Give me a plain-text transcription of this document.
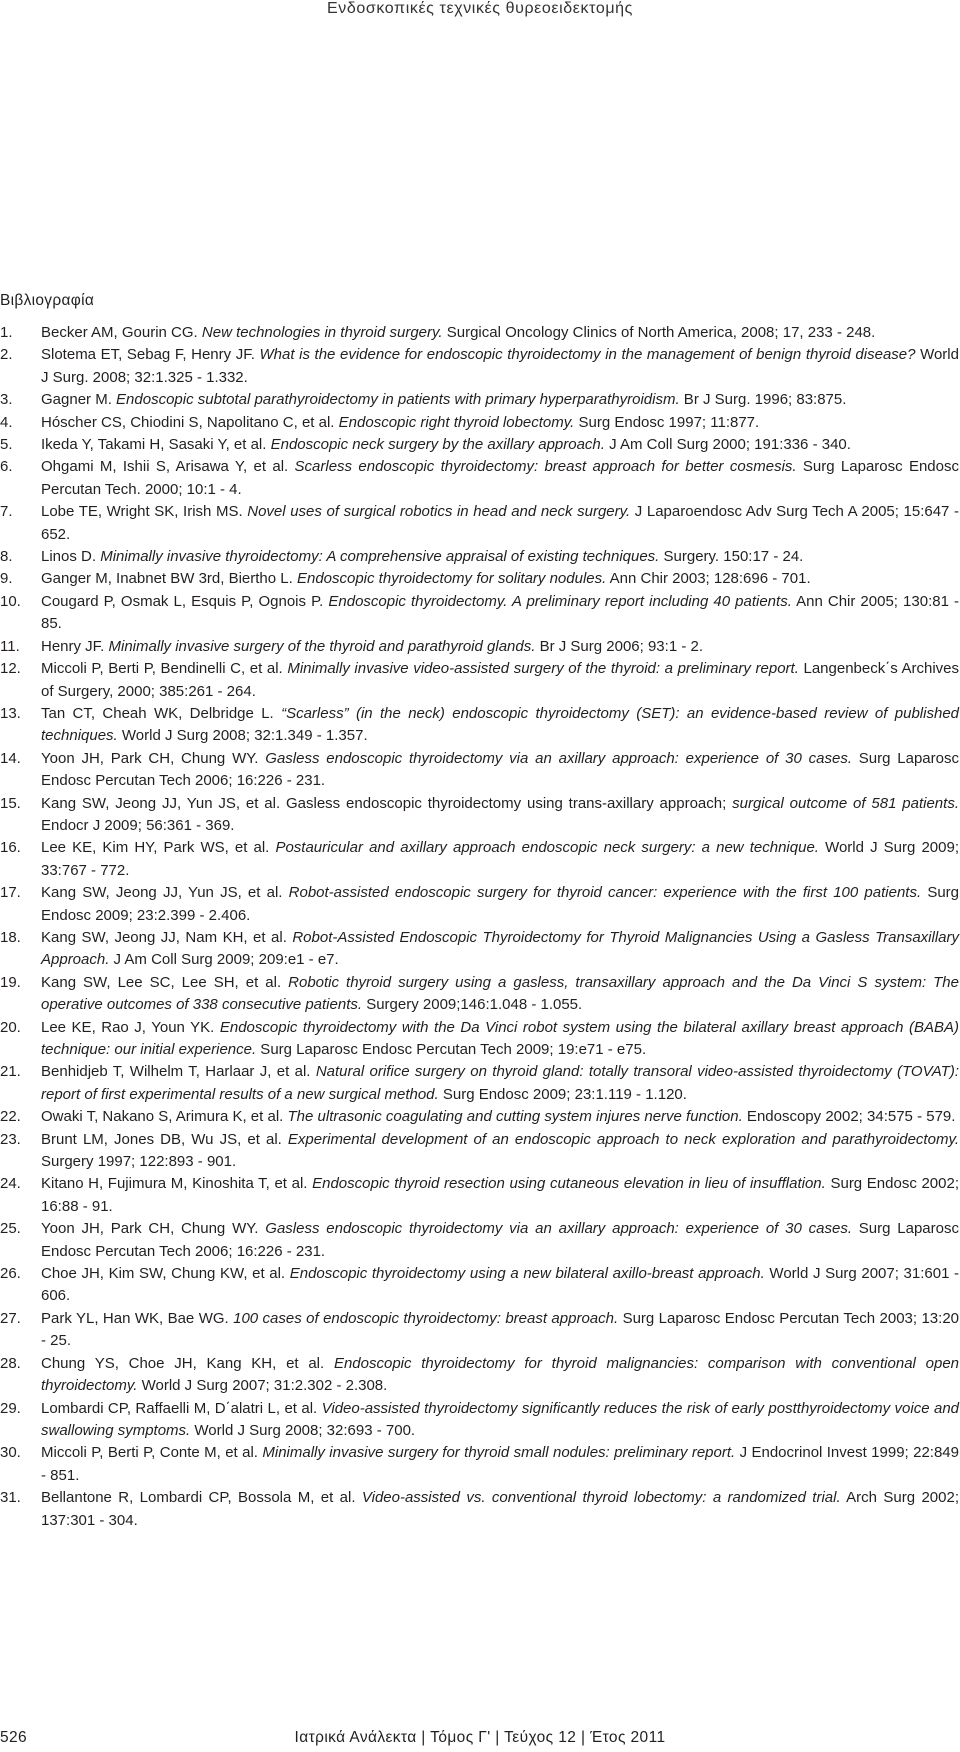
Ενδοσκοπικές τεχνικές θυρεοειδεκτομής
Βιβλιογραφία
1. Becker AM, Gourin CG. New technologies in thyroid surgery. Surgical Oncology Clinics of North America, 2008; 17, 233 - 248.
2. Slotema ET, Sebag F, Henry JF. What is the evidence for endoscopic thyroidectomy in the management of benign thyroid disease? World J Surg. 2008; 32:1.325 - 1.332.
3. Gagner M. Endoscopic subtotal parathyroidectomy in patients with primary hyperparathyroidism. Br J Surg. 1996; 83:875.
4. Hóscher CS, Chiodini S, Napolitano C, et al. Endoscopic right thyroid lobectomy. Surg Endosc 1997; 11:877.
5. Ikeda Y, Takami H, Sasaki Y, et al. Endoscopic neck surgery by the axillary approach. J Am Coll Surg 2000; 191:336 - 340.
6. Ohgami M, Ishii S, Arisawa Y, et al. Scarless endoscopic thyroidectomy: breast approach for better cosmesis. Surg Laparosc Endosc Percutan Tech. 2000; 10:1 - 4.
7. Lobe TE, Wright SK, Irish MS. Novel uses of surgical robotics in head and neck surgery. J Laparoendosc Adv Surg Tech A 2005; 15:647 - 652.
8. Linos D. Minimally invasive thyroidectomy: A comprehensive appraisal of existing techniques. Surgery. 150:17 - 24.
9. Ganger M, Inabnet BW 3rd, Biertho L. Endoscopic thyroidectomy for solitary nodules. Ann Chir 2003; 128:696 - 701.
10. Cougard P, Osmak L, Esquis P, Ognois P. Endoscopic thyroidectomy. A preliminary report including 40 patients. Ann Chir 2005; 130:81 - 85.
11. Henry JF. Minimally invasive surgery of the thyroid and parathyroid glands. Br J Surg 2006; 93:1 - 2.
12. Miccoli P, Berti P, Bendinelli C, et al. Minimally invasive video-assisted surgery of the thyroid: a preliminary report. Langenbeck΄s Archives of Surgery, 2000; 385:261 - 264.
13. Tan CT, Cheah WK, Delbridge L. “Scarless” (in the neck) endoscopic thyroidectomy (SET): an evidence-based review of published techniques. World J Surg 2008; 32:1.349 - 1.357.
14. Yoon JH, Park CH, Chung WY. Gasless endoscopic thyroidectomy via an axillary approach: experience of 30 cases. Surg Laparosc Endosc Percutan Tech 2006; 16:226 - 231.
15. Kang SW, Jeong JJ, Yun JS, et al. Gasless endoscopic thyroidectomy using trans-axillary approach; surgical outcome of 581 patients. Endocr J 2009; 56:361 - 369.
16. Lee KE, Kim HY, Park WS, et al. Postauricular and axillary approach endoscopic neck surgery: a new technique. World J Surg 2009; 33:767 - 772.
17. Kang SW, Jeong JJ, Yun JS, et al. Robot-assisted endoscopic surgery for thyroid cancer: experience with the first 100 patients. Surg Endosc 2009; 23:2.399 - 2.406.
18. Kang SW, Jeong JJ, Nam KH, et al. Robot-Assisted Endoscopic Thyroidectomy for Thyroid Malignancies Using a Gasless Transaxillary Approach. J Am Coll Surg 2009; 209:e1 - e7.
19. Kang SW, Lee SC, Lee SH, et al. Robotic thyroid surgery using a gasless, transaxillary approach and the Da Vinci S system: The operative outcomes of 338 consecutive patients. Surgery 2009;146:1.048 - 1.055.
20. Lee KE, Rao J, Youn YK. Endoscopic thyroidectomy with the Da Vinci robot system using the bilateral axillary breast approach (BABA) technique: our initial experience. Surg Laparosc Endosc Percutan Tech 2009; 19:e71 - e75.
21. Benhidjeb T, Wilhelm T, Harlaar J, et al. Natural orifice surgery on thyroid gland: totally transoral video-assisted thyroidectomy (TOVAT): report of first experimental results of a new surgical method. Surg Endosc 2009; 23:1.119 - 1.120.
22. Owaki T, Nakano S, Arimura K, et al. The ultrasonic coagulating and cutting system injures nerve function. Endoscopy 2002; 34:575 - 579.
23. Brunt LM, Jones DB, Wu JS, et al. Experimental development of an endoscopic approach to neck exploration and parathyroidectomy. Surgery 1997; 122:893 - 901.
24. Kitano H, Fujimura M, Kinoshita T, et al. Endoscopic thyroid resection using cutaneous elevation in lieu of insufflation. Surg Endosc 2002; 16:88 - 91.
25. Yoon JH, Park CH, Chung WY. Gasless endoscopic thyroidectomy via an axillary approach: experience of 30 cases. Surg Laparosc Endosc Percutan Tech 2006; 16:226 - 231.
26. Choe JH, Kim SW, Chung KW, et al. Endoscopic thyroidectomy using a new bilateral axillo-breast approach. World J Surg 2007; 31:601 - 606.
27. Park YL, Han WK, Bae WG. 100 cases of endoscopic thyroidectomy: breast approach. Surg Laparosc Endosc Percutan Tech 2003; 13:20 - 25.
28. Chung YS, Choe JH, Kang KH, et al. Endoscopic thyroidectomy for thyroid malignancies: comparison with conventional open thyroidectomy. World J Surg 2007; 31:2.302 - 2.308.
29. Lombardi CP, Raffaelli M, D΄alatri L, et al. Video-assisted thyroidectomy significantly reduces the risk of early postthyroidectomy voice and swallowing symptoms. World J Surg 2008; 32:693 - 700.
30. Miccoli P, Berti P, Conte M, et al. Minimally invasive surgery for thyroid small nodules: preliminary report. J Endocrinol Invest 1999; 22:849 - 851.
31. Bellantone R, Lombardi CP, Bossola M, et al. Video-assisted vs. conventional thyroid lobectomy: a randomized trial. Arch Surg 2002; 137:301 - 304.
526	Ιατρικά Ανάλεκτα | Τόμος Γ' | Τεύχος 12 | Έτος 2011
